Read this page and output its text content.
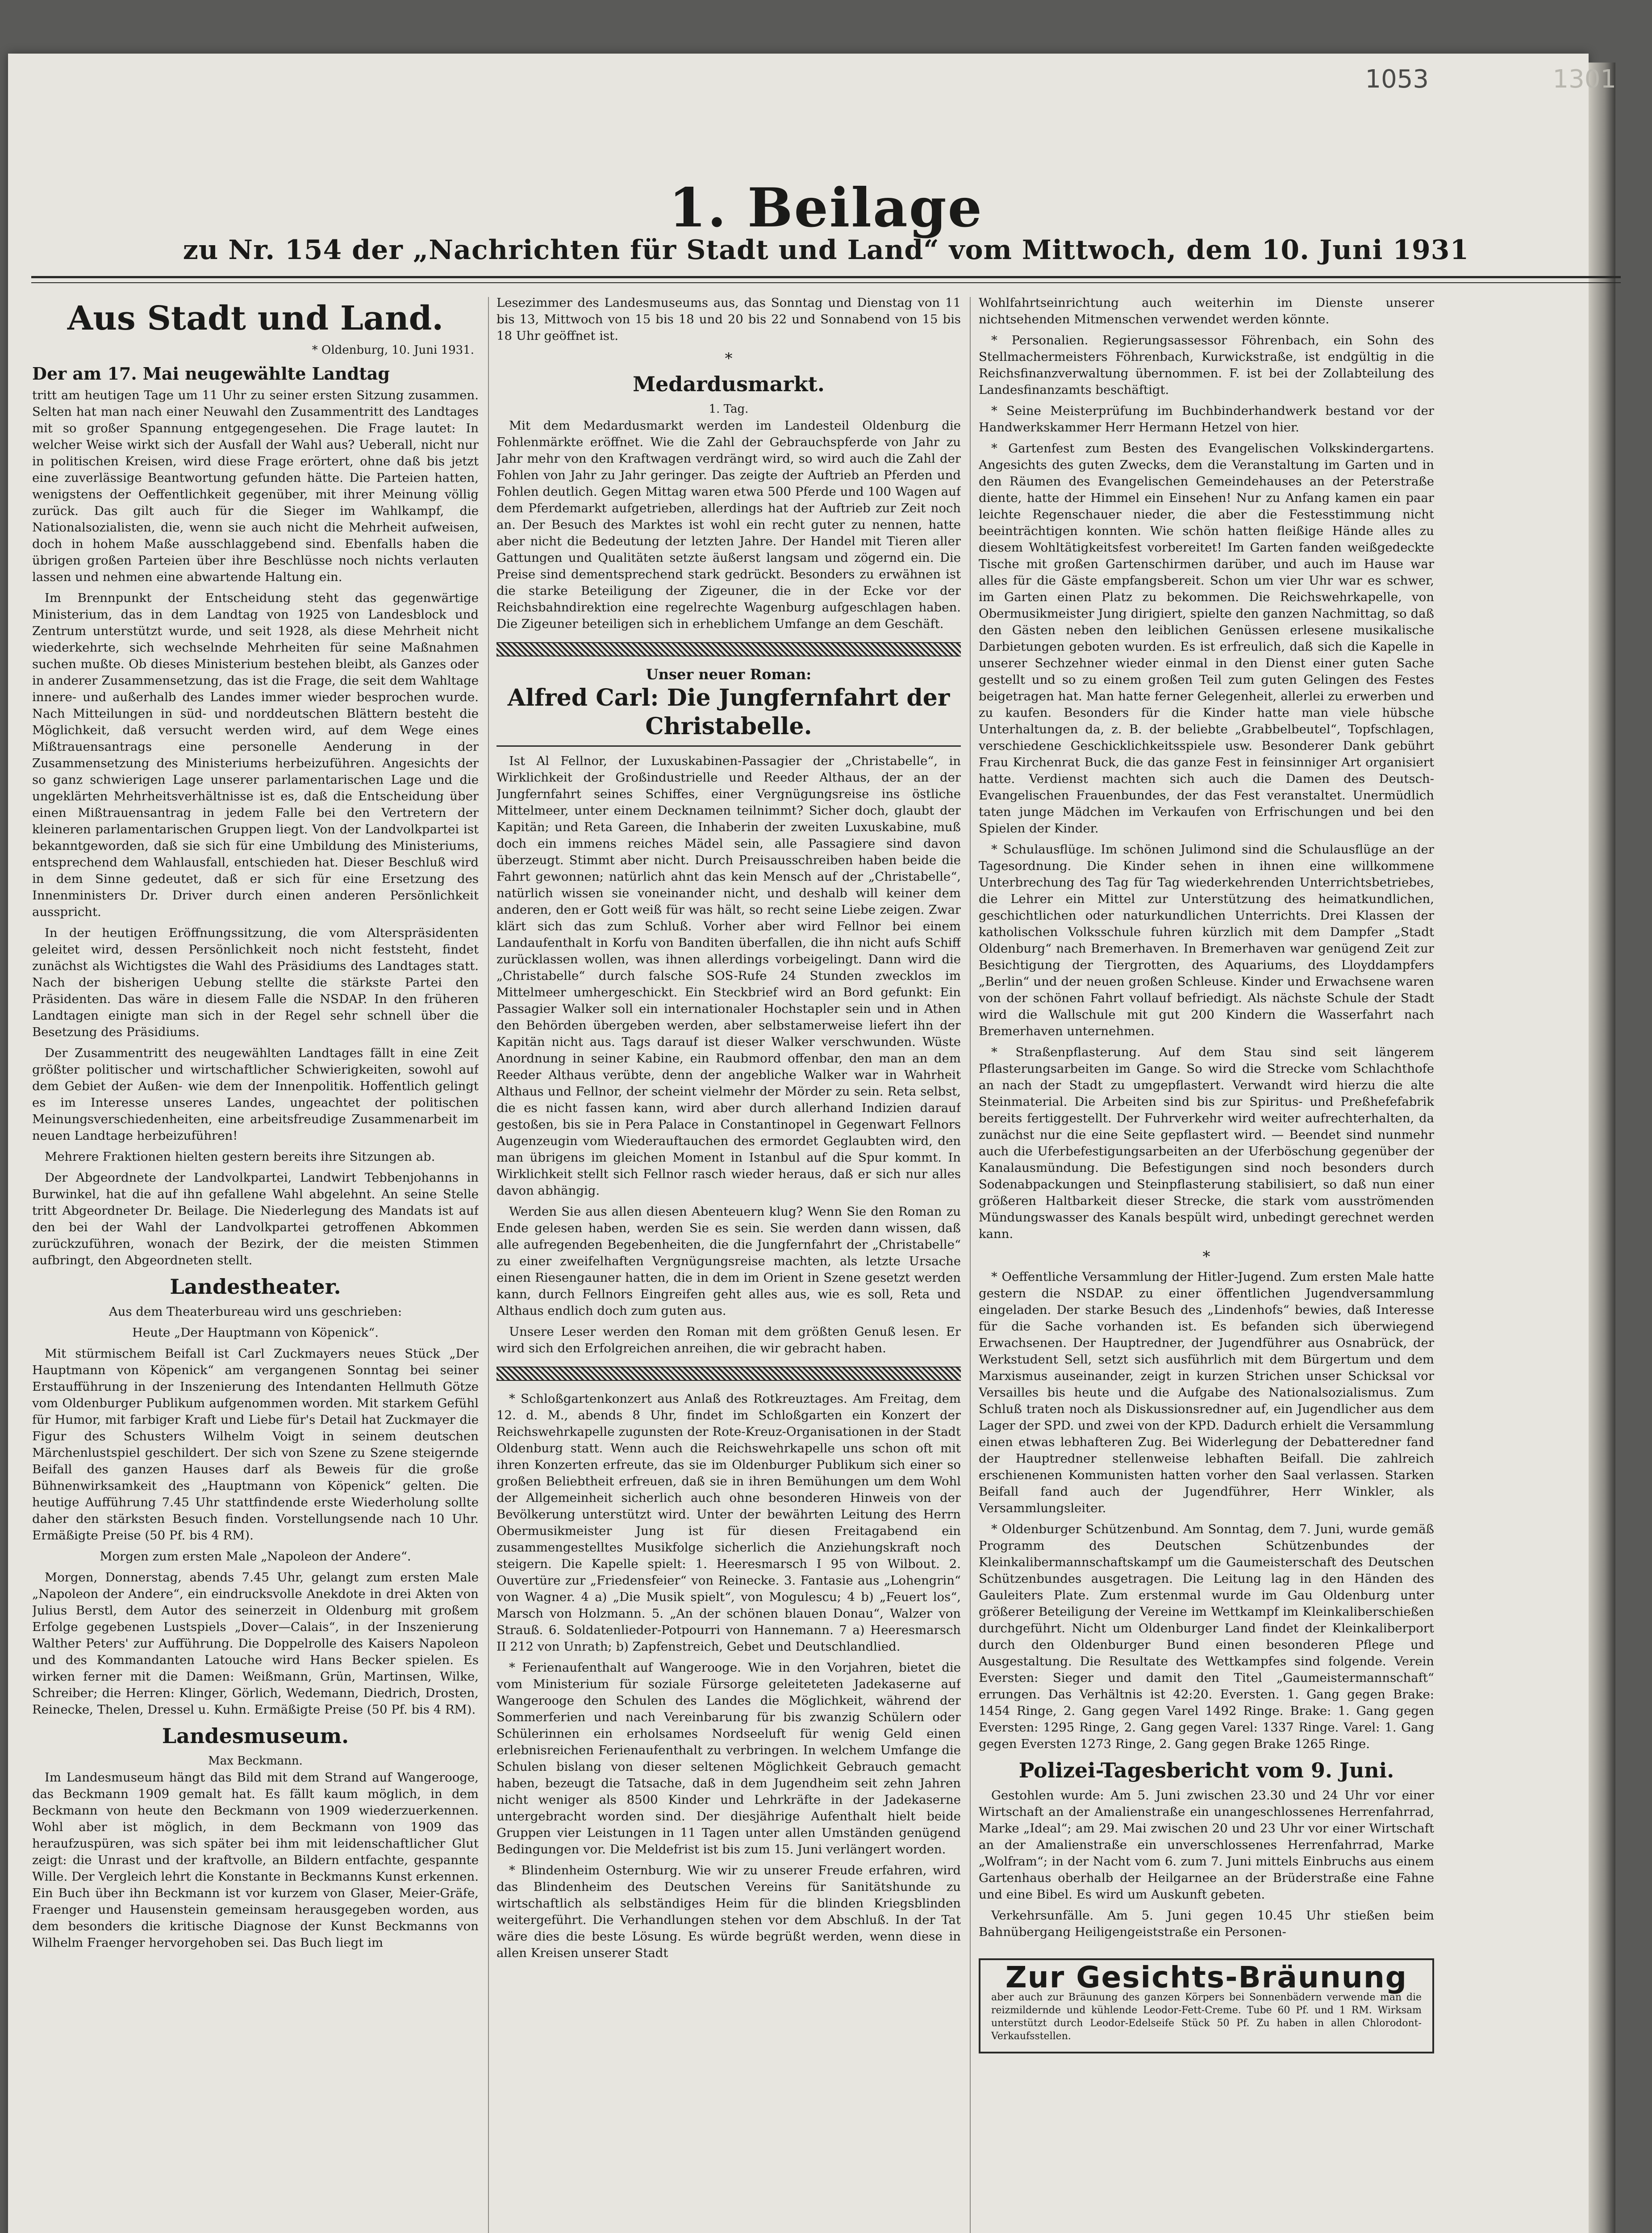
1053	1301
1. Beilage
zu Nr. 154 der „Nachrichten für Stadt und Land“ vom Mittwoch, dem 10. Juni 1931
Aus Stadt und Land.
* Oldenburg, 10. Juni 1931.
Der am 17. Mai neugewählte Landtag

tritt am heutigen Tage um 11 Uhr zu seiner ersten Sitzung zusammen. Selten hat man nach einer Neuwahl den Zusammentritt des Landtages mit so großer Spannung entgegengesehen. Die Frage lautet: In welcher Weise wirkt sich der Ausfall der Wahl aus? Ueberall, nicht nur in politischen Kreisen, wird diese Frage erörtert, ohne daß bis jetzt eine zuverlässige Beantwortung gefunden hätte. Die Parteien hatten, wenigstens der Oeffentlichkeit gegenüber, mit ihrer Meinung völlig zurück. Das gilt auch für die Sieger im Wahlkampf, die Nationalsozialisten, die, wenn sie auch nicht die Mehrheit aufweisen, doch in hohem Maße ausschlaggebend sind. Ebenfalls haben die übrigen großen Parteien über ihre Beschlüsse noch nichts verlauten lassen und nehmen eine abwartende Haltung ein.

Im Brennpunkt der Entscheidung steht das gegenwärtige Ministerium, das in dem Landtag von 1925 von Landesblock und Zentrum unterstützt wurde, und seit 1928, als diese Mehrheit nicht wiederkehrte, sich wechselnde Mehrheiten für seine Maßnahmen suchen mußte. Ob dieses Ministerium bestehen bleibt, als Ganzes oder in anderer Zusammensetzung, das ist die Frage, die seit dem Wahltage innere- und außerhalb des Landes immer wieder besprochen wurde. Nach Mitteilungen in süd- und norddeutschen Blättern besteht die Möglichkeit, daß versucht werden wird, auf dem Wege eines Mißtrauensantrags eine personelle Aenderung in der Zusammensetzung des Ministeriums herbeizuführen. Angesichts der so ganz schwierigen Lage unserer parlamentarischen Lage und die ungeklärten Mehrheitsverhältnisse ist es, daß die Entscheidung über einen Mißtrauensantrag in jedem Falle bei den Vertretern der kleineren parlamentarischen Gruppen liegt. Von der Landvolkpartei ist bekanntgeworden, daß sie sich für eine Umbildung des Ministeriums, entsprechend dem Wahlausfall, entschieden hat. Dieser Beschluß wird in dem Sinne gedeutet, daß er sich für eine Ersetzung des Innenministers Dr. Driver durch einen anderen Persönlichkeit ausspricht.

In der heutigen Eröffnungssitzung, die vom Alterspräsidenten geleitet wird, dessen Persönlichkeit noch nicht feststeht, findet zunächst als Wichtigstes die Wahl des Präsidiums des Landtages statt. Nach der bisherigen Uebung stellte die stärkste Partei den Präsidenten. Das wäre in diesem Falle die NSDAP. In den früheren Landtagen einigte man sich in der Regel sehr schnell über die Besetzung des Präsidiums.

Der Zusammentritt des neugewählten Landtages fällt in eine Zeit größter politischer und wirtschaftlicher Schwierigkeiten, sowohl auf dem Gebiet der Außen- wie dem der Innenpolitik. Hoffentlich gelingt es im Interesse unseres Landes, ungeachtet der politischen Meinungsverschiedenheiten, eine arbeitsfreudige Zusammenarbeit im neuen Landtage herbeizuführen!

Mehrere Fraktionen hielten gestern bereits ihre Sitzungen ab.

Der Abgeordnete der Landvolkpartei, Landwirt Tebbenjohanns in Burwinkel, hat die auf ihn gefallene Wahl abgelehnt. An seine Stelle tritt Abgeordneter Dr. Beilage. Die Niederlegung des Mandats ist auf den bei der Wahl der Landvolkpartei getroffenen Abkommen zurückzuführen, wonach der Bezirk, der die meisten Stimmen aufbringt, den Abgeordneten stellt.

Landestheater.
Aus dem Theaterbureau wird uns geschrieben:
Heute „Der Hauptmann von Köpenick“.

Mit stürmischem Beifall ist Carl Zuckmayers neues Stück „Der Hauptmann von Köpenick“ am vergangenen Sonntag bei seiner Erstaufführung in der Inszenierung des Intendanten Hellmuth Götze vom Oldenburger Publikum aufgenommen worden. Mit starkem Gefühl für Humor, mit farbiger Kraft und Liebe für's Detail hat Zuckmayer die Figur des Schusters Wilhelm Voigt in seinem deutschen Märchenlustspiel geschildert. Der sich von Szene zu Szene steigernde Beifall des ganzen Hauses darf als Beweis für die große Bühnenwirksamkeit des „Hauptmann von Köpenick“ gelten. Die heutige Aufführung 7.45 Uhr stattfindende erste Wiederholung sollte daher den stärksten Besuch finden. Vorstellungsende nach 10 Uhr. Ermäßigte Preise (50 Pf. bis 4 RM).

Morgen zum ersten Male „Napoleon der Andere“.

Morgen, Donnerstag, abends 7.45 Uhr, gelangt zum ersten Male „Napoleon der Andere“, ein eindrucksvolle Anekdote in drei Akten von Julius Berstl, dem Autor des seinerzeit in Oldenburg mit großem Erfolge gegebenen Lustspiels „Dover—Calais“, in der Inszenierung Walther Peters' zur Aufführung. Die Doppelrolle des Kaisers Napoleon und des Kommandanten Latouche wird Hans Becker spielen. Es wirken ferner mit die Damen: Weißmann, Grün, Martinsen, Wilke, Schreiber; die Herren: Klinger, Görlich, Wedemann, Diedrich, Drosten, Reinecke, Thelen, Dressel u. Kuhn. Ermäßigte Preise (50 Pf. bis 4 RM).

Landesmuseum.
Max Beckmann.

Im Landesmuseum hängt das Bild mit dem Strand auf Wangerooge, das Beckmann 1909 gemalt hat. Es fällt kaum möglich, in dem Beckmann von heute den Beckmann von 1909 wiederzuerkennen. Wohl aber ist möglich, in dem Beckmann von 1909 das heraufzuspüren, was sich später bei ihm mit leidenschaftlicher Glut zeigt: die Unrast und der kraftvolle, an Bildern entfachte, gespannte Wille. Der Vergleich lehrt die Konstante in Beckmanns Kunst erkennen. Ein Buch über ihn Beckmann ist vor kurzem von Glaser, Meier-Gräfe, Fraenger und Hausenstein gemeinsam herausgegeben worden, aus dem besonders die kritische Diagnose der Kunst Beckmanns von Wilhelm Fraenger hervorgehoben sei. Das Buch liegt im

Lesezimmer des Landesmuseums aus, das Sonntag und Dienstag von 11 bis 13, Mittwoch von 15 bis 18 und 20 bis 22 und Sonnabend von 15 bis 18 Uhr geöffnet ist.

*
Medardusmarkt.
1. Tag.

Mit dem Medardusmarkt werden im Landesteil Oldenburg die Fohlenmärkte eröffnet. Wie die Zahl der Gebrauchspferde von Jahr zu Jahr mehr von den Kraftwagen verdrängt wird, so wird auch die Zahl der Fohlen von Jahr zu Jahr geringer. Das zeigte der Auftrieb an Pferden und Fohlen deutlich. Gegen Mittag waren etwa 500 Pferde und 100 Wagen auf dem Pferdemarkt aufgetrieben, allerdings hat der Auftrieb zur Zeit noch an. Der Besuch des Marktes ist wohl ein recht guter zu nennen, hatte aber nicht die Bedeutung der letzten Jahre. Der Handel mit Tieren aller Gattungen und Qualitäten setzte äußerst langsam und zögernd ein. Die Preise sind dementsprechend stark gedrückt. Besonders zu erwähnen ist die starke Beteiligung der Zigeuner, die in der Ecke vor der Reichsbahndirektion eine regelrechte Wagenburg aufgeschlagen haben. Die Zigeuner beteiligen sich in erheblichem Umfange an dem Geschäft.

Unser neuer Roman:
Alfred Carl: Die Jungfernfahrt der Christabelle.

Ist Al Fellnor, der Luxuskabinen-Passagier der „Christabelle“, in Wirklichkeit der Großindustrielle und Reeder Althaus, der an der Jungfernfahrt seines Schiffes, einer Vergnügungsreise ins östliche Mittelmeer, unter einem Decknamen teilnimmt? Sicher doch, glaubt der Kapitän; und Reta Gareen, die Inhaberin der zweiten Luxuskabine, muß doch ein immens reiches Mädel sein, alle Passagiere sind davon überzeugt. Stimmt aber nicht. Durch Preisausschreiben haben beide die Fahrt gewonnen; natürlich ahnt das kein Mensch auf der „Christabelle“, natürlich wissen sie voneinander nicht, und deshalb will keiner dem anderen, den er Gott weiß für was hält, so recht seine Liebe zeigen. Zwar klärt sich das zum Schluß. Vorher aber wird Fellnor bei einem Landaufenthalt in Korfu von Banditen überfallen, die ihn nicht aufs Schiff zurücklassen wollen, was ihnen allerdings vorbeigelingt. Dann wird die „Christabelle“ durch falsche SOS-Rufe 24 Stunden zwecklos im Mittelmeer umhergeschickt. Ein Steckbrief wird an Bord gefunkt: Ein Passagier Walker soll ein internationaler Hochstapler sein und in Athen den Behörden übergeben werden, aber selbstamerweise liefert ihn der Kapitän nicht aus. Tags darauf ist dieser Walker verschwunden. Wüste Anordnung in seiner Kabine, ein Raubmord offenbar, den man an dem Reeder Althaus verübte, denn der angebliche Walker war in Wahrheit Althaus und Fellnor, der scheint vielmehr der Mörder zu sein. Reta selbst, die es nicht fassen kann, wird aber durch allerhand Indizien darauf gestoßen, bis sie in Pera Palace in Constantinopel in Gegenwart Fellnors Augenzeugin vom Wiederauftauchen des ermordet Geglaubten wird, den man übrigens im gleichen Moment in Istanbul auf die Spur kommt. In Wirklichkeit stellt sich Fellnor rasch wieder heraus, daß er sich nur alles davon abhängig.

Werden Sie aus allen diesen Abenteuern klug? Wenn Sie den Roman zu Ende gelesen haben, werden Sie es sein. Sie werden dann wissen, daß alle aufregenden Begebenheiten, die die Jungfernfahrt der „Christabelle“ zu einer zweifelhaften Vergnügungsreise machten, als letzte Ursache einen Riesengauner hatten, die in dem im Orient in Szene gesetzt werden kann, durch Fellnors Eingreifen geht alles aus, wie es soll, Reta und Althaus endlich doch zum guten aus.

Unsere Leser werden den Roman mit dem größten Genuß lesen. Er wird sich den Erfolgreichen anreihen, die wir gebracht haben.

* Schloßgartenkonzert aus Anlaß des Rotkreuztages. Am Freitag, dem 12. d. M., abends 8 Uhr, findet im Schloßgarten ein Konzert der Reichswehrkapelle zugunsten der Rote-Kreuz-Organisationen in der Stadt Oldenburg statt. Wenn auch die Reichswehrkapelle uns schon oft mit ihren Konzerten erfreute, das sie im Oldenburger Publikum sich einer so großen Beliebtheit erfreuen, daß sie in ihren Bemühungen um dem Wohl der Allgemeinheit sicherlich auch ohne besonderen Hinweis von der Bevölkerung unterstützt wird. Unter der bewährten Leitung des Herrn Obermusikmeister Jung ist für diesen Freitagabend ein zusammengestelltes Musikfolge sicherlich die Anziehungskraft noch steigern. Die Kapelle spielt: 1. Heeresmarsch I 95 von Wilbout. 2. Ouvertüre zur „Friedensfeier“ von Reinecke. 3. Fantasie aus „Lohengrin“ von Wagner. 4 a) „Die Musik spielt“, von Mogulescu; 4 b) „Feuert los“, Marsch von Holzmann. 5. „An der schönen blauen Donau“, Walzer von Strauß. 6. Soldatenlieder-Potpourri von Hannemann. 7 a) Heeresmarsch II 212 von Unrath; b) Zapfenstreich, Gebet und Deutschlandlied.

* Ferienaufenthalt auf Wangerooge. Wie in den Vorjahren, bietet die vom Ministerium für soziale Fürsorge geleiteteten Jadekaserne auf Wangerooge den Schulen des Landes die Möglichkeit, während der Sommerferien und nach Vereinbarung für bis zwanzig Schülern oder Schülerinnen ein erholsames Nordseeluft für wenig Geld einen erlebnisreichen Ferienaufenthalt zu verbringen. In welchem Umfange die Schulen bislang von dieser seltenen Möglichkeit Gebrauch gemacht haben, bezeugt die Tatsache, daß in dem Jugendheim seit zehn Jahren nicht weniger als 8500 Kinder und Lehrkräfte in der Jadekaserne untergebracht worden sind. Der diesjährige Aufenthalt hielt beide Gruppen vier Leistungen in 11 Tagen unter allen Umständen genügend Bedingungen vor. Die Meldefrist ist bis zum 15. Juni verlängert worden.

* Blindenheim Osternburg. Wie wir zu unserer Freude erfahren, wird das Blindenheim des Deutschen Vereins für Sanitätshunde zu wirtschaftlich als selbständiges Heim für die blinden Kriegsblinden weitergeführt. Die Verhandlungen stehen vor dem Abschluß. In der Tat wäre dies die beste Lösung. Es würde begrüßt werden, wenn diese in allen Kreisen unserer Stadt

Wohlfahrtseinrichtung auch weiterhin im Dienste unserer nichtsehenden Mitmenschen verwendet werden könnte.

* Personalien. Regierungsassessor Föhrenbach, ein Sohn des Stellmachermeisters Föhrenbach, Kurwickstraße, ist endgültig in die Reichsfinanzverwaltung übernommen. F. ist bei der Zollabteilung des Landesfinanzamts beschäftigt.

* Seine Meisterprüfung im Buchbinderhandwerk bestand vor der Handwerkskammer Herr Hermann Hetzel von hier.

* Gartenfest zum Besten des Evangelischen Volkskindergartens. Angesichts des guten Zwecks, dem die Veranstaltung im Garten und in den Räumen des Evangelischen Gemeindehauses an der Peterstraße diente, hatte der Himmel ein Einsehen! Nur zu Anfang kamen ein paar leichte Regenschauer nieder, die aber die Festesstimmung nicht beeinträchtigen konnten. Wie schön hatten fleißige Hände alles zu diesem Wohltätigkeitsfest vorbereitet! Im Garten fanden weißgedeckte Tische mit großen Gartenschirmen darüber, und auch im Hause war alles für die Gäste empfangsbereit. Schon um vier Uhr war es schwer, im Garten einen Platz zu bekommen. Die Reichswehrkapelle, von Obermusikmeister Jung dirigiert, spielte den ganzen Nachmittag, so daß den Gästen neben den leiblichen Genüssen erlesene musikalische Darbietungen geboten wurden. Es ist erfreulich, daß sich die Kapelle in unserer Sechzehner wieder einmal in den Dienst einer guten Sache gestellt und so zu einem großen Teil zum guten Gelingen des Festes beigetragen hat. Man hatte ferner Gelegenheit, allerlei zu erwerben und zu kaufen. Besonders für die Kinder hatte man viele hübsche Unterhaltungen da, z. B. der beliebte „Grabbelbeutel“, Topfschlagen, verschiedene Geschicklichkeitsspiele usw. Besonderer Dank gebührt Frau Kirchenrat Buck, die das ganze Fest in feinsinniger Art organisiert hatte. Verdienst machten sich auch die Damen des Deutsch-Evangelischen Frauenbundes, der das Fest veranstaltet. Unermüdlich taten junge Mädchen im Verkaufen von Erfrischungen und bei den Spielen der Kinder.

* Schulausflüge. Im schönen Julimond sind die Schulausflüge an der Tagesordnung. Die Kinder sehen in ihnen eine willkommene Unterbrechung des Tag für Tag wiederkehrenden Unterrichtsbetriebes, die Lehrer ein Mittel zur Unterstützung des heimatkundlichen, geschichtlichen oder naturkundlichen Unterrichts. Drei Klassen der katholischen Volksschule fuhren kürzlich mit dem Dampfer „Stadt Oldenburg“ nach Bremerhaven. In Bremerhaven war genügend Zeit zur Besichtigung der Tiergrotten, des Aquariums, des Lloyddampfers „Berlin“ und der neuen großen Schleuse. Kinder und Erwachsene waren von der schönen Fahrt vollauf befriedigt. Als nächste Schule der Stadt wird die Wallschule mit gut 200 Kindern die Wasserfahrt nach Bremerhaven unternehmen.

* Straßenpflasterung. Auf dem Stau sind seit längerem Pflasterungsarbeiten im Gange. So wird die Strecke vom Schlachthofe an nach der Stadt zu umgepflastert. Verwandt wird hierzu die alte Steinmaterial. Die Arbeiten sind bis zur Spiritus- und Preßhefefabrik bereits fertiggestellt. Der Fuhrverkehr wird weiter aufrechterhalten, da zunächst nur die eine Seite gepflastert wird. — Beendet sind nunmehr auch die Uferbefestigungsarbeiten an der Uferböschung gegenüber der Kanalausmündung. Die Befestigungen sind noch besonders durch Sodenabpackungen und Steinpflasterung stabilisiert, so daß nun einer größeren Haltbarkeit dieser Strecke, die stark vom ausströmenden Mündungswasser des Kanals bespült wird, unbedingt gerechnet werden kann.

*

* Oeffentliche Versammlung der Hitler-Jugend. Zum ersten Male hatte gestern die NSDAP. zu einer öffentlichen Jugendversammlung eingeladen. Der starke Besuch des „Lindenhofs“ bewies, daß Interesse für die Sache vorhanden ist. Es befanden sich überwiegend Erwachsenen. Der Hauptredner, der Jugendführer aus Osnabrück, der Werkstudent Sell, setzt sich ausführlich mit dem Bürgertum und dem Marxismus auseinander, zeigt in kurzen Strichen unser Schicksal vor Versailles bis heute und die Aufgabe des Nationalsozialismus. Zum Schluß traten noch als Diskussionsredner auf, ein Jugendlicher aus dem Lager der SPD. und zwei von der KPD. Dadurch erhielt die Versammlung einen etwas lebhafteren Zug. Bei Widerlegung der Debatteredner fand der Hauptredner stellenweise lebhaften Beifall. Die zahlreich erschienenen Kommunisten hatten vorher den Saal verlassen. Starken Beifall fand auch der Jugendführer, Herr Winkler, als Versammlungsleiter.

* Oldenburger Schützenbund. Am Sonntag, dem 7. Juni, wurde gemäß Programm des Deutschen Schützenbundes der Kleinkalibermannschaftskampf um die Gaumeisterschaft des Deutschen Schützenbundes ausgetragen. Die Leitung lag in den Händen des Gauleiters Plate. Zum erstenmal wurde im Gau Oldenburg unter größerer Beteiligung der Vereine im Wettkampf im Kleinkaliberschießen durchgeführt. Nicht um Oldenburger Land findet der Kleinkaliberport durch den Oldenburger Bund einen besonderen Pflege und Ausgestaltung. Die Resultate des Wettkampfes sind folgende. Verein Eversten: Sieger und damit den Titel „Gaumeistermannschaft“ errungen. Das Verhältnis ist 42:20. Eversten. 1. Gang gegen Brake: 1454 Ringe, 2. Gang gegen Varel 1492 Ringe. Brake: 1. Gang gegen Eversten: 1295 Ringe, 2. Gang gegen Varel: 1337 Ringe. Varel: 1. Gang gegen Eversten 1273 Ringe, 2. Gang gegen Brake 1265 Ringe.

Polizei-Tagesbericht vom 9. Juni.

Gestohlen wurde: Am 5. Juni zwischen 23.30 und 24 Uhr vor einer Wirtschaft an der Amalienstraße ein unangeschlossenes Herrenfahrrad, Marke „Ideal“; am 29. Mai zwischen 20 und 23 Uhr vor einer Wirtschaft an der Amalienstraße ein unverschlossenes Herrenfahrrad, Marke „Wolfram“; in der Nacht vom 6. zum 7. Juni mittels Einbruchs aus einem Gartenhaus oberhalb der Heilgarnee an der Brüderstraße eine Fahne und eine Bibel. Es wird um Auskunft gebeten.

Verkehrsunfälle. Am 5. Juni gegen 10.45 Uhr stießen beim Bahnübergang Heiligengeiststraße ein Personen-

Zur Gesichts-Bräunung
aber auch zur Bräunung des ganzen Körpers bei Sonnenbädern verwende man die reizmildernde und kühlende Leodor-Fett-Creme. Tube 60 Pf. und 1 RM. Wirksam unterstützt durch Leodor-Edelseife Stück 50 Pf. Zu haben in allen Chlorodont-Verkaufsstellen.
